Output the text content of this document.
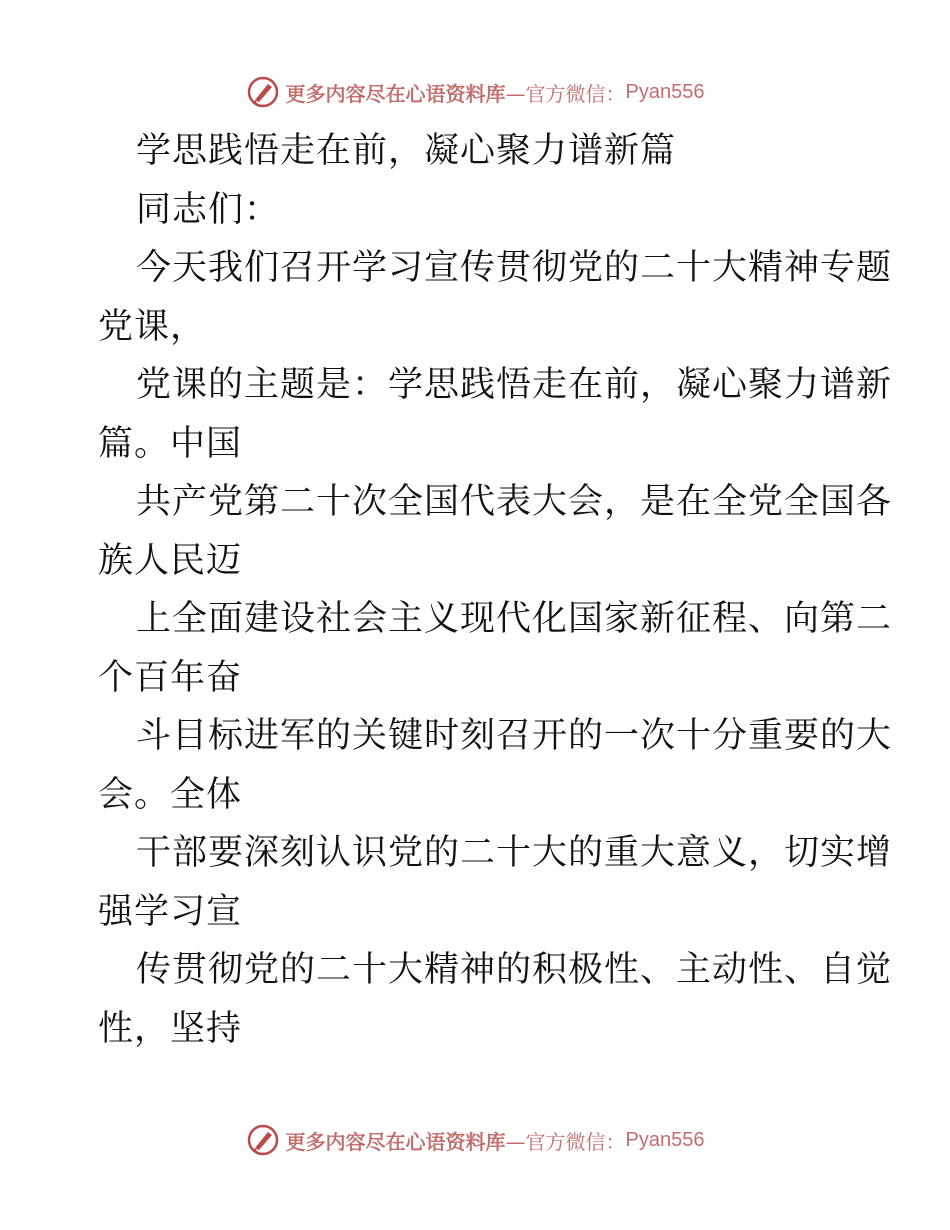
更多内容尽在心语资料库 —官方微信： Pyan556
学思践悟走在前，凝心聚力谱新篇
同志们：
今天我们召开学习宣传贯彻党的二十大精神专题
党课，
党课的主题是：学思践悟走在前，凝心聚力谱新
篇。中国
共产党第二十次全国代表大会，是在全党全国各
族人民迈
上全面建设社会主义现代化国家新征程、向第二
个百年奋
斗目标进军的关键时刻召开的一次十分重要的大
会。全体
干部要深刻认识党的二十大的重大意义，切实增
强学习宣
传贯彻党的二十大精神的积极性、主动性、自觉
性，坚持
更多内容尽在心语资料库 —官方微信： Pyan556
